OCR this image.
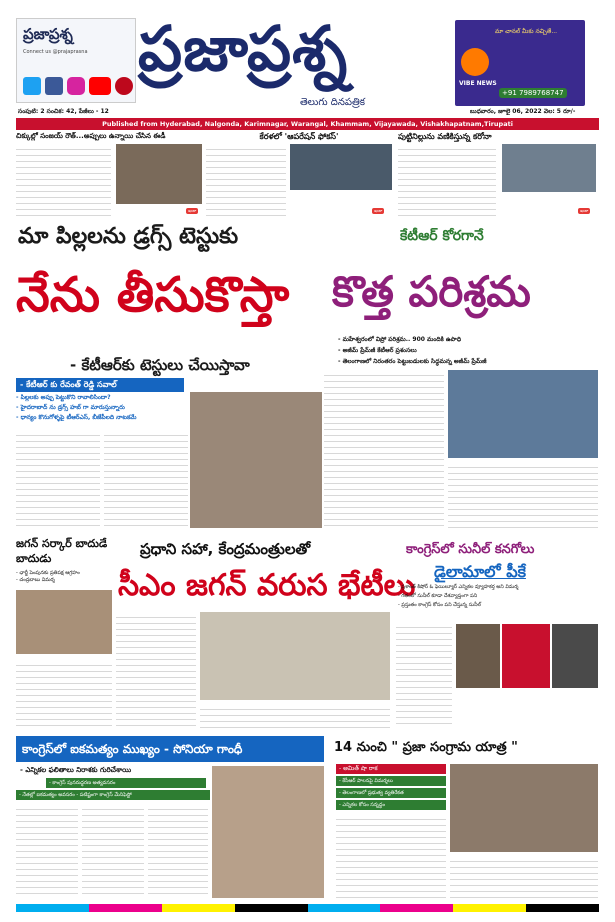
ప్రజాప్రశ్న
Connect us @prajaprasna ప్రజాప్రశ్న
తెలుగు దినపత్రిక
మా చానల్ మీకు నచ్చితే...
VIBE NEWS
+91 7989768747
సంపుటి: 2 సంచిక: 42, పేజీలు - 12	బుధవారం, జూలై 06, 2022 వెల: 5 రూ/-
Published from Hyderabad, Nalgonda, Karimnagar, Warangal, Khammam, Vijayawada, Vishakhapatnam,Tirupati
చిక్కుల్లో సంజయ్ రౌత్...అప్పులు ఉన్నాయి చేసిన ఈడీ
ఇంకా
కేరళలో 'ఆపరేషన్ ఫోకస్'
ఇంకా
పుట్టినిల్లును వణికిస్తున్న కరోనా
ఇంకా
మా పిల్లలను డ్రగ్స్ టెస్టుకు
నేను తీసుకొస్తా
- కేటీఆర్‌కు టెస్టులు చేయిస్తావా
- కేటీఆర్ కు రేవంత్ రెడ్డి సవాల్
- పిల్లలకు అప్పు పెట్టుకొని రావాలిసిందా?
- హైదరాబాద్ ను డ్రగ్స్ హబ్ గా మారుస్తున్నారు
- ధాన్యం కొనుగోళ్ళపై టీఆర్ఎస్, బీజేపీలది నాటకమే
కేటీఆర్ కోరగానే
కొత్త పరిశ్రమ
- మహేశ్వరంలో విప్రో పరిశ్రమ.. 900 మందికి ఉపాధి
- అజీమ్ ప్రేమ్‌జీ కేటీఆర్ ప్రశంసలు
- తెలంగాణలో నిరంతరం పెట్టుబడులకు సిద్ధమన్న అజీమ్ ప్రేమ్‌జీ
జగన్ సర్కార్ బాదుడే బాదుడు
- ఛార్జీ పెంపునకు ప్రతిపక్ష ఆగ్రహం
- చంద్రబాబు విమర్శ
ప్రధాని సహా, కేంద్రమంత్రులతో
సీఎం జగన్ వరుస భేటీలు
కాంగ్రెస్‌లో సునీల్ కనగోలు
డైలామాలో పీకే
- ప్రశాంత్ కిషోర్ ఓ ఫెయిల్యూర్ ఎన్నికల వ్యూహకర్త అని విమర్శ
- గతంలో సునీల్ కూడా దేశవ్యాప్తంగా పని
- ప్రస్తుతం కాంగ్రెస్ కోసం పని చేస్తున్న సునీల్
కాంగ్రెస్‌లో ఐకమత్యం ముఖ్యం - సోనియా గాంధీ
- ఎన్నికల ఫలితాలు నిరాశకు గురిచేశాయి
- కాంగ్రెస్ పునరుద్ధరణ అత్యవసరం
- నేతల్లో ఐకమత్యం అవసరం - పటిష్టంగా కాంగ్రెస్ మేనిఫెస్టో
14 నుంచి " ప్రజా సంగ్రామ యాత్ర "
- అమిత్ షా రాక
- కేసీఆర్ పాలనపై విమర్శలు
- తెలంగాణలో ప్రభుత్వ వ్యతిరేకత
- ఎన్నికల కోసం సన్నద్ధం
